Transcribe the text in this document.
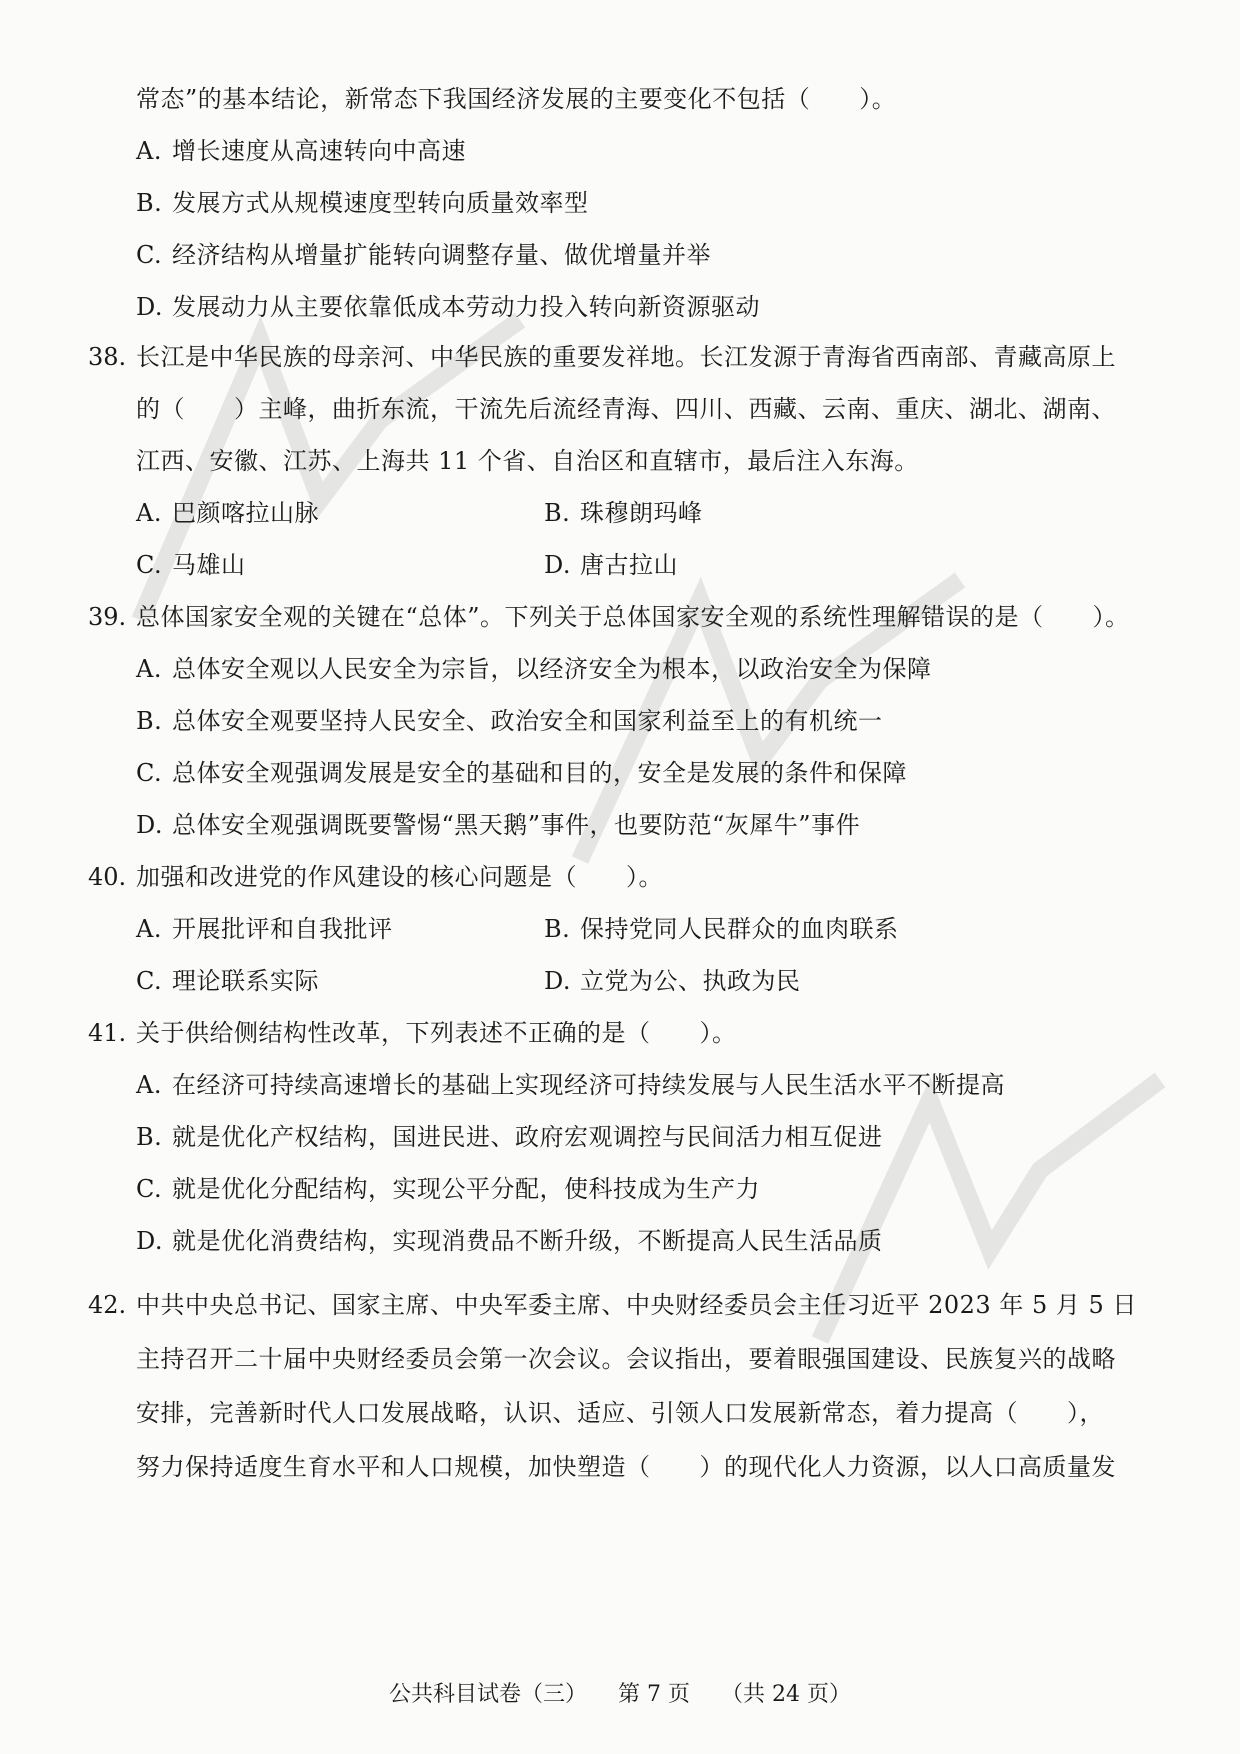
常态”的基本结论，新常态下我国经济发展的主要变化不包括（　　）。
A. 增长速度从高速转向中高速
B. 发展方式从规模速度型转向质量效率型
C. 经济结构从增量扩能转向调整存量、做优增量并举
D. 发展动力从主要依靠低成本劳动力投入转向新资源驱动
38. 长江是中华民族的母亲河、中华民族的重要发祥地。长江发源于青海省西南部、青藏高原上
的（　　）主峰，曲折东流，干流先后流经青海、四川、西藏、云南、重庆、湖北、湖南、
江西、安徽、江苏、上海共 11 个省、自治区和直辖市，最后注入东海。
A. 巴颜喀拉山脉	B. 珠穆朗玛峰
C. 马雄山	D. 唐古拉山
39. 总体国家安全观的关键在“总体”。下列关于总体国家安全观的系统性理解错误的是（　　）。
A. 总体安全观以人民安全为宗旨，以经济安全为根本，以政治安全为保障
B. 总体安全观要坚持人民安全、政治安全和国家利益至上的有机统一
C. 总体安全观强调发展是安全的基础和目的，安全是发展的条件和保障
D. 总体安全观强调既要警惕“黑天鹅”事件，也要防范“灰犀牛”事件
40. 加强和改进党的作风建设的核心问题是（　　）。
A. 开展批评和自我批评	B. 保持党同人民群众的血肉联系
C. 理论联系实际	D. 立党为公、执政为民
41. 关于供给侧结构性改革，下列表述不正确的是（　　）。
A. 在经济可持续高速增长的基础上实现经济可持续发展与人民生活水平不断提高
B. 就是优化产权结构，国进民进、政府宏观调控与民间活力相互促进
C. 就是优化分配结构，实现公平分配，使科技成为生产力
D. 就是优化消费结构，实现消费品不断升级，不断提高人民生活品质
42. 中共中央总书记、国家主席、中央军委主席、中央财经委员会主任习近平 2023 年 5 月 5 日
主持召开二十届中央财经委员会第一次会议。会议指出，要着眼强国建设、民族复兴的战略
安排，完善新时代人口发展战略，认识、适应、引领人口发展新常态，着力提高（　　），
努力保持适度生育水平和人口规模，加快塑造（　　）的现代化人力资源，以人口高质量发
公共科目试卷（三） 第 7 页 （共 24 页）
